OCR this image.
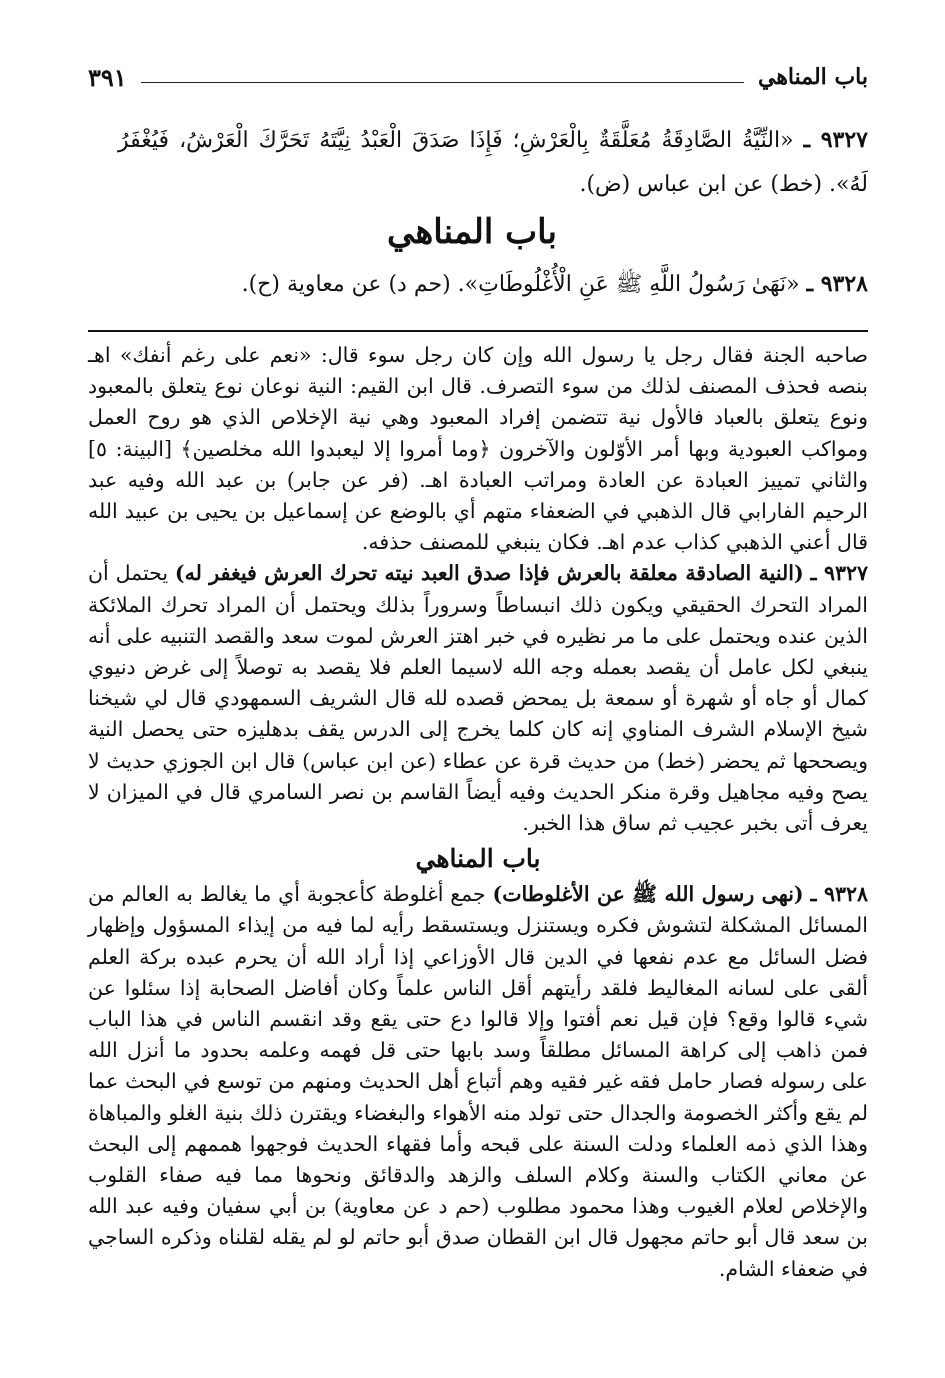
باب المناهي
٣٩١

٩٣٢٧ ـ «النِّيَّةُ الصَّادِقَةُ مُعَلَّقَةٌ بِالْعَرْشِ؛ فَإِذَا صَدَقَ الْعَبْدُ نِيَّتَهُ تَحَرَّكَ الْعَرْشُ، فَيُغْفَرُ لَهُ». (خط) عن ابن عباس (ض).

باب المناهي

٩٣٢٨ ـ «نَهَىٰ رَسُولُ اللَّهِ ﷺ عَنِ الْأُغْلُوطَاتِ». (حم د) عن معاوية (ح).

صاحبه الجنة فقال رجل يا رسول الله وإن كان رجل سوء قال: «نعم على رغم أنفك» اهـ بنصه فحذف المصنف لذلك من سوء التصرف. قال ابن القيم: النية نوعان نوع يتعلق بالمعبود ونوع يتعلق بالعباد فالأول نية تتضمن إفراد المعبود وهي نية الإخلاص الذي هو روح العمل ومواكب العبودية وبها أمر الأوّلون والآخرون ﴿وما أمروا إلا ليعبدوا الله مخلصين﴾ [البينة: ٥] والثاني تمييز العبادة عن العادة ومراتب العبادة اهـ. (فر عن جابر) بن عبد الله وفيه عبد الرحيم الفارابي قال الذهبي في الضعفاء متهم أي بالوضع عن إسماعيل بن يحيى بن عبيد الله قال أعني الذهبي كذاب عدم اهـ. فكان ينبغي للمصنف حذفه.

٩٣٢٧ ـ (النية الصادقة معلقة بالعرش فإذا صدق العبد نيته تحرك العرش فيغفر له) يحتمل أن المراد التحرك الحقيقي ويكون ذلك انبساطاً وسروراً بذلك ويحتمل أن المراد تحرك الملائكة الذين عنده ويحتمل على ما مر نظيره في خبر اهتز العرش لموت سعد والقصد التنبيه على أنه ينبغي لكل عامل أن يقصد بعمله وجه الله لاسيما العلم فلا يقصد به توصلاً إلى غرض دنيوي كمال أو جاه أو شهرة أو سمعة بل يمحض قصده لله قال الشريف السمهودي قال لي شيخنا شيخ الإسلام الشرف المناوي إنه كان كلما يخرج إلى الدرس يقف بدهليزه حتى يحصل النية ويصححها ثم يحضر (خط) من حديث قرة عن عطاء (عن ابن عباس) قال ابن الجوزي حديث لا يصح وفيه مجاهيل وقرة منكر الحديث وفيه أيضاً القاسم بن نصر السامري قال في الميزان لا يعرف أتى بخبر عجيب ثم ساق هذا الخبر.

باب المناهي

٩٣٢٨ ـ (نهى رسول الله ﷺ عن الأغلوطات) جمع أغلوطة كأعجوبة أي ما يغالط به العالم من المسائل المشكلة لتشوش فكره ويستنزل ويستسقط رأيه لما فيه من إيذاء المسؤول وإظهار فضل السائل مع عدم نفعها في الدين قال الأوزاعي إذا أراد الله أن يحرم عبده بركة العلم ألقى على لسانه المغاليط فلقد رأيتهم أقل الناس علماً وكان أفاضل الصحابة إذا سئلوا عن شيء قالوا وقع؟ فإن قيل نعم أفتوا وإلا قالوا دع حتى يقع وقد انقسم الناس في هذا الباب فمن ذاهب إلى كراهة المسائل مطلقاً وسد بابها حتى قل فهمه وعلمه بحدود ما أنزل الله على رسوله فصار حامل فقه غير فقيه وهم أتباع أهل الحديث ومنهم من توسع في البحث عما لم يقع وأكثر الخصومة والجدال حتى تولد منه الأهواء والبغضاء ويقترن ذلك بنية الغلو والمباهاة وهذا الذي ذمه العلماء ودلت السنة على قبحه وأما فقهاء الحديث فوجهوا هممهم إلى البحث عن معاني الكتاب والسنة وكلام السلف والزهد والدقائق ونحوها مما فيه صفاء القلوب والإخلاص لعلام الغيوب وهذا محمود مطلوب (حم د عن معاوية) بن أبي سفيان وفيه عبد الله بن سعد قال أبو حاتم مجهول قال ابن القطان صدق أبو حاتم لو لم يقله لقلناه وذكره الساجي في ضعفاء الشام.
